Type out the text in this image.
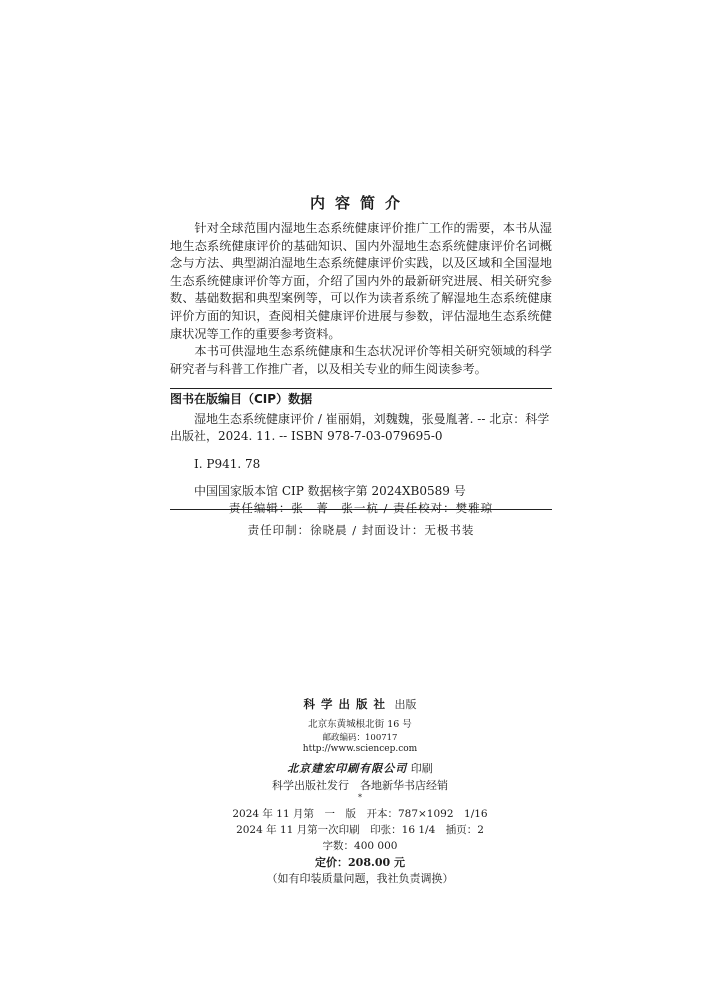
内容简介

针对全球范围内湿地生态系统健康评价推广工作的需要，本书从湿地生态系统健康评价的基础知识、国内外湿地生态系统健康评价名词概念与方法、典型湖泊湿地生态系统健康评价实践，以及区域和全国湿地生态系统健康评价等方面，介绍了国内外的最新研究进展、相关研究参数、基础数据和典型案例等，可以作为读者系统了解湿地生态系统健康评价方面的知识，查阅相关健康评价进展与参数，评估湿地生态系统健康状况等工作的重要参考资料。

本书可供湿地生态系统健康和生态状况评价等相关研究领域的科学研究者与科普工作推广者，以及相关专业的师生阅读参考。

图书在版编目（CIP）数据
湿地生态系统健康评价 / 崔丽娟，刘魏魏，张曼胤著. -- 北京：科学出版社，2024. 11. -- ISBN 978-7-03-079695-0
Ⅰ. P941. 78
中国国家版本馆 CIP 数据核字第 2024XB0589 号
责任编辑：张　菁　张一杭 / 责任校对：樊雅琼
责任印制：徐晓晨 / 封面设计：无极书装
科学出版社 出版
北京东黄城根北街 16 号
邮政编码：100717
http://www.sciencep.com
北京建宏印刷有限公司 印刷
科学出版社发行　各地新华书店经销
*
2024 年 11 月第　一　版　开本：787×1092　1/16
2024 年 11 月第一次印刷　印张：16 1/4　插页：2
字数：400 000
定价：208.00 元
（如有印装质量问题，我社负责调换）
